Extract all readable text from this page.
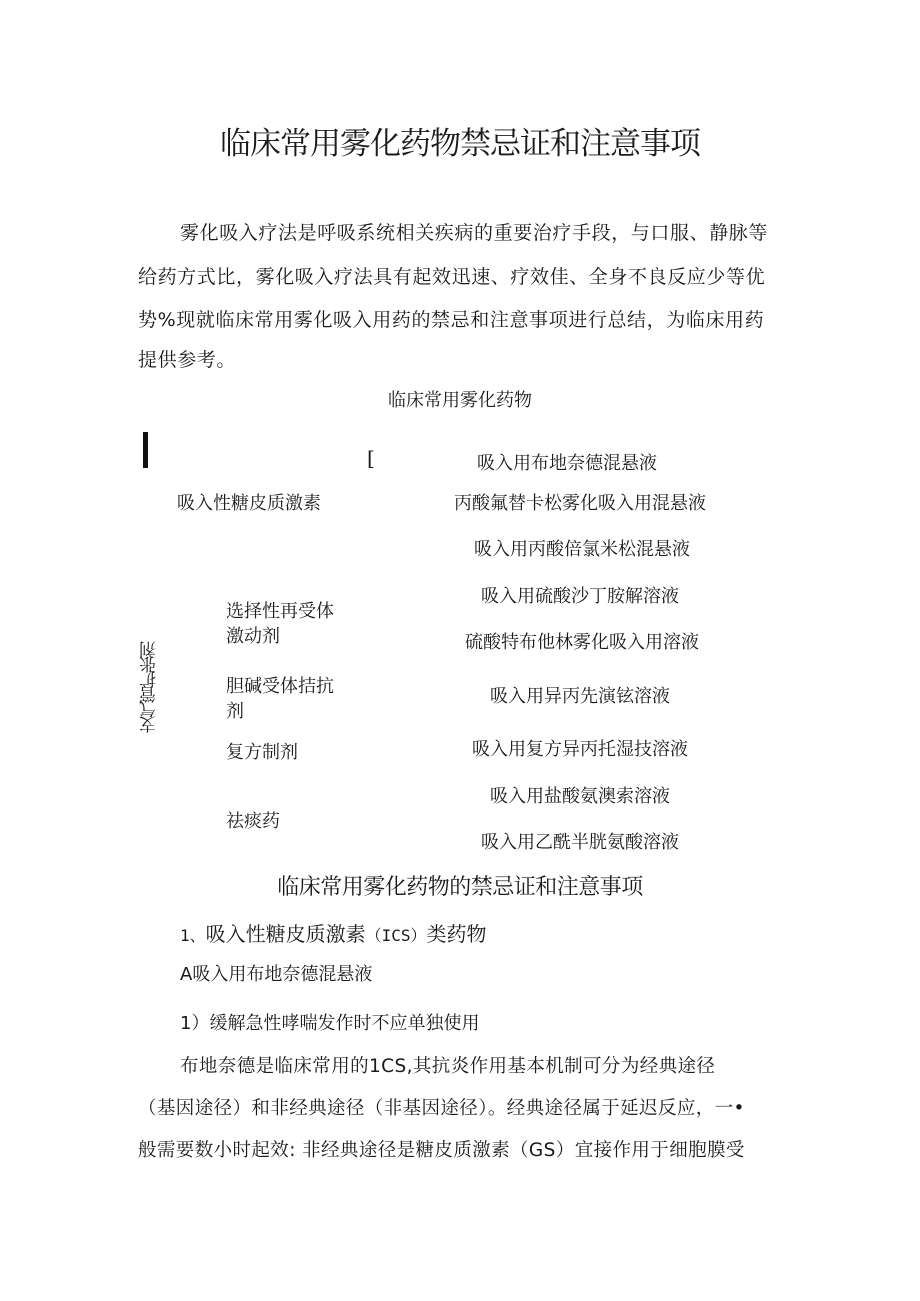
临床常用雾化药物禁忌证和注意事项
雾化吸入疗法是呼吸系统相关疾病的重要治疗手段，与口服、静脉等
给药方式比，雾化吸入疗法具有起效迅速、疗效佳、全身不良反应少等优
势%现就临床常用雾化吸入用药的禁忌和注意事项进行总结，为临床用药
提供参考。
临床常用雾化药物
[
吸入性糖皮质激素
支气管扩张剂
选择性再受体
激动剂
胆碱受体拮抗
剂
复方制剂
祛痰药
吸入用布地奈德混悬液
丙酸氟替卡松雾化吸入用混悬液
吸入用丙酸倍氯米松混悬液
吸入用硫酸沙丁胺解溶液
硫酸特布他林雾化吸入用溶液
吸入用异丙先演铉溶液
吸入用复方异丙托湿技溶液
吸入用盐酸氨澳索溶液
吸入用乙酰半胱氨酸溶液
临床常用雾化药物的禁忌证和注意事项
1、吸入性糖皮质激素（ICS）类药物
A吸入用布地奈德混悬液
1）缓解急性哮喘发作时不应单独使用
布地奈德是临床常用的1CS,其抗炎作用基本机制可分为经典途径
（基因途径）和非经典途径（非基因途径）。经典途径属于延迟反应，一•
般需要数小时起效: 非经典途径是糖皮质激素（GS）宜接作用于细胞膜受
